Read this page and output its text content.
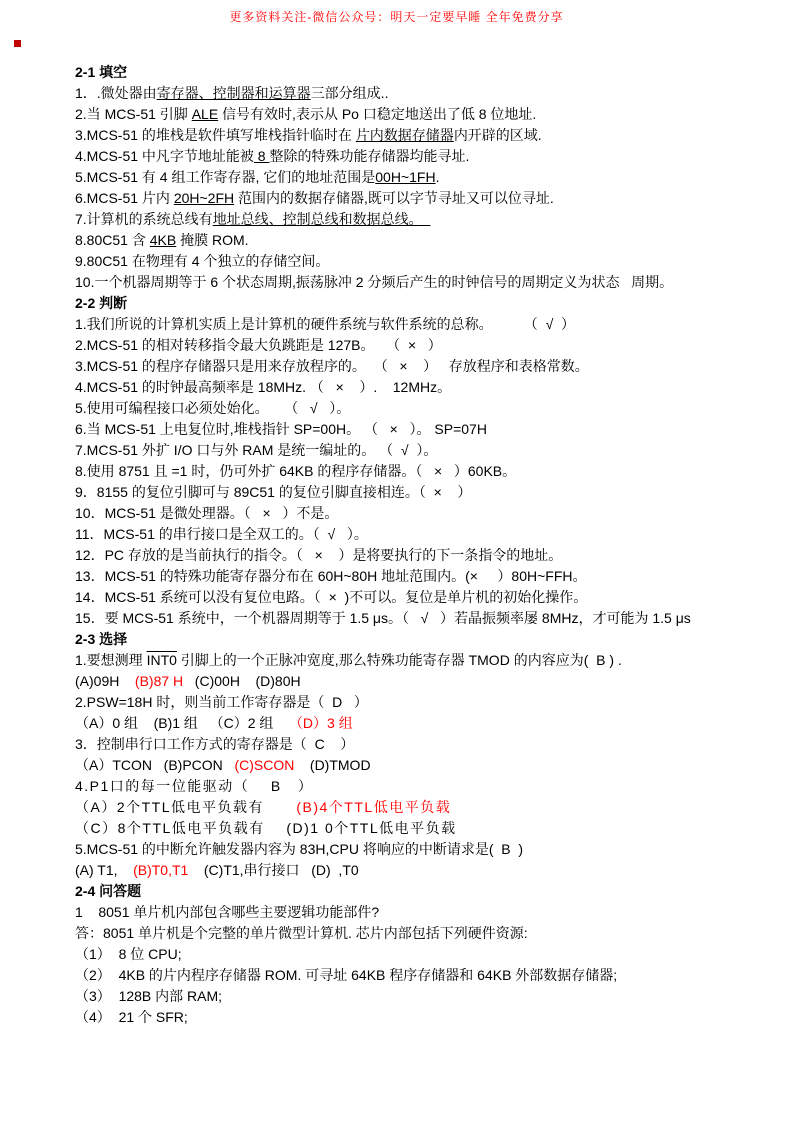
更多资料关注-微信公众号：明天一定要早睡 全年免费分享
2-1 填空
1．.微处器由寄存器、控制器和运算器三部分组成..
2.当 MCS-51 引脚 ALE 信号有效时,表示从 Po 口稳定地送出了低 8 位地址.
3.MCS-51 的堆栈是软件填写堆栈指针临时在 片内数据存储器内开辟的区域.
4.MCS-51 中凡字节地址能被 8 整除的特殊功能存储器均能寻址.
5.MCS-51 有 4 组工作寄存器, 它们的地址范围是00H~1FH.
6.MCS-51 片内 20H~2FH 范围内的数据存储器,既可以字节寻址又可以位寻址.
7.计算机的系统总线有地址总线、控制总线和数据总线。
8.80C51 含 4KB 掩膜 ROM.
9.80C51 在物理有 4 个独立的存储空间。
10.一个机器周期等于 6 个状态周期,振荡脉冲 2 分频后产生的时钟信号的周期定义为状态   周期。
2-2 判断
1.我们所说的计算机实质上是计算机的硬件系统与软件系统的总称。        （  √  ）
2.MCS-51 的相对转移指令最大负跳距是 127B。   （  ×   ）
3.MCS-51 的程序存储器只是用来存放程序的。  （   ×    ）   存放程序和表格常数。
4.MCS-51 的时钟最高频率是 18MHz. （   ×    ）.    12MHz。
5.使用可编程接口必须处始化。    （   √   ）。
6.当 MCS-51 上电复位时,堆栈指针 SP=00H。 （   ×   ）。 SP=07H
7.MCS-51 外扩 I/O 口与外 RAM 是统一编址的。 （  √  ）。
8.使用 8751 且 =1 时，仍可外扩 64KB 的程序存储器。（   ×   ）60KB。
9．8155 的复位引脚可与 89C51 的复位引脚直接相连。（  ×    ）
10．MCS-51 是微处理器。（   ×   ）不是。
11．MCS-51 的串行接口是全双工的。（  √   ）。
12．PC 存放的是当前执行的指令。（   ×    ）是将要执行的下一条指令的地址。
13．MCS-51 的特殊功能寄存器分布在 60H~80H 地址范围内。(×     ）80H~FFH。
14．MCS-51 系统可以没有复位电路。（  ×  )不可以。复位是单片机的初始化操作。
15．要 MCS-51 系统中，一个机器周期等于 1.5 μs。（   √   ）若晶振频率屡 8MHz，才可能为 1.5 μs
2-3 选择
1.要想测理 INT0 引脚上的一个正脉冲宽度,那么特殊功能寄存器 TMOD 的内容应为(  B ) .
(A)09H    (B)87 H   (C)00H    (D)80H
2.PSW=18H 时，则当前工作寄存器是（  D   ）
（A）0 组    (B)1 组   （C）2 组    （D）3 组
3．控制串行口工作方式的寄存器是（  C    ）
（A）TCON   (B)PCON   (C)SCON    (D)TMOD
4.P1口的每一位能驱动（    B   ）
（A）2个TTL低电平负载有      (B)4个TTL低电平负载
（C）8个TTL低电平负载有    (D)1 0个TTL低电平负载
5.MCS-51 的中断允许触发器内容为 83H,CPU 将响应的中断请求是(  B  )
(A) T1,    (B)T0,T1    (C)T1,串行接口   (D)  ,T0
2-4 问答题
1    8051 单片机内部包含哪些主要逻辑功能部件?
答：8051 单片机是个完整的单片微型计算机. 芯片内部包括下列硬件资源:
（1）  8 位 CPU;
（2）  4KB 的片内程序存储器 ROM. 可寻址 64KB 程序存储器和 64KB 外部数据存储器;
（3）  128B 内部 RAM;
（4）  21 个 SFR;
